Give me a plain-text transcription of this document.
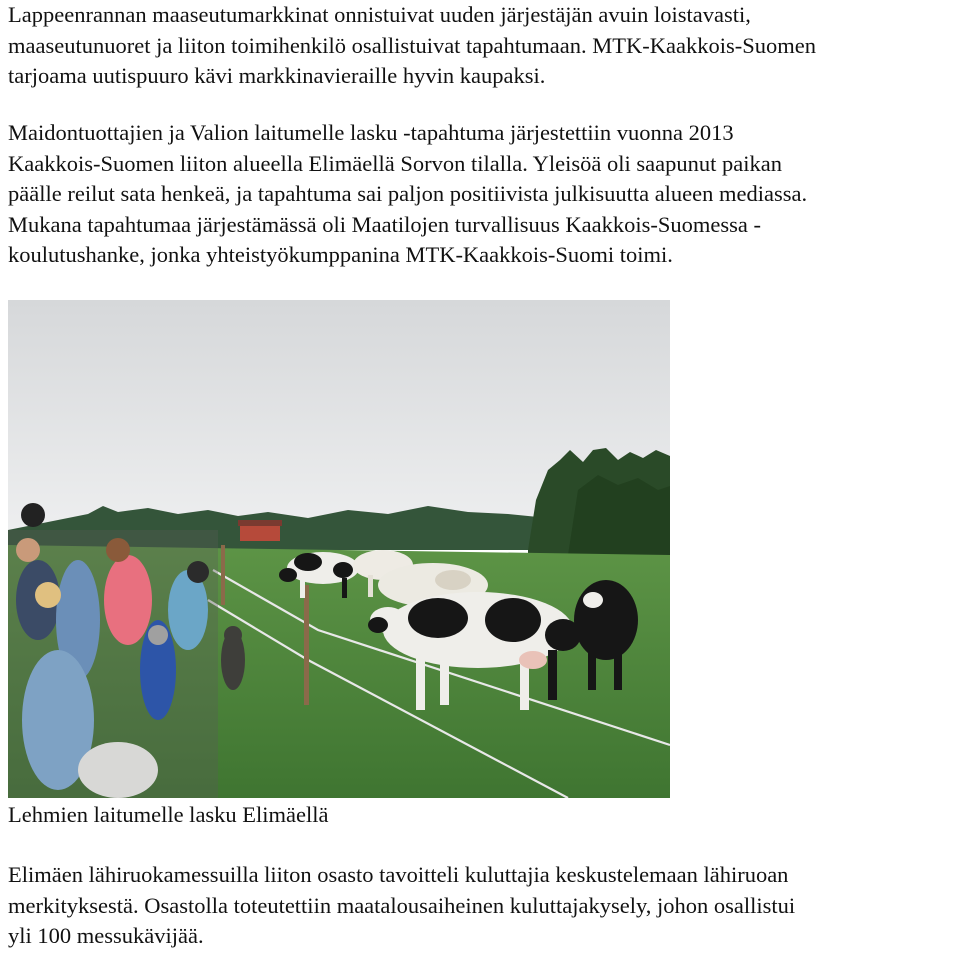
Lappeenrannan maaseutumarkkinat onnistuivat uuden järjestäjän avuin loistavasti,
maaseutunuoret ja liiton toimihenkilö osallistuivat tapahtumaan. MTK-Kaakkois-Suomen
tarjoama uutispuuro kävi markkinavieraille hyvin kaupaksi.
Maidontuottajien ja Valion laitumelle lasku -tapahtuma järjestettiin vuonna 2013
Kaakkois-Suomen liiton alueella Elimäellä Sorvon tilalla. Yleisöä oli saapunut paikan
päälle reilut sata henkeä, ja tapahtuma sai paljon positiivista julkisuutta alueen mediassa.
Mukana tapahtumaa järjestämässä oli Maatilojen turvallisuus Kaakkois-Suomessa -
koulutushanke, jonka yhteistyökumppanina MTK-Kaakkois-Suomi toimi.
Lehmien laitumelle lasku Elimäellä
Elimäen lähiruokamessuilla liiton osasto tavoitteli kuluttajia keskustelemaan lähiruoan
merkityksestä. Osastolla toteutettiin maatalousaiheinen kuluttajakysely, johon osallistui
yli 100 messukävijää.
